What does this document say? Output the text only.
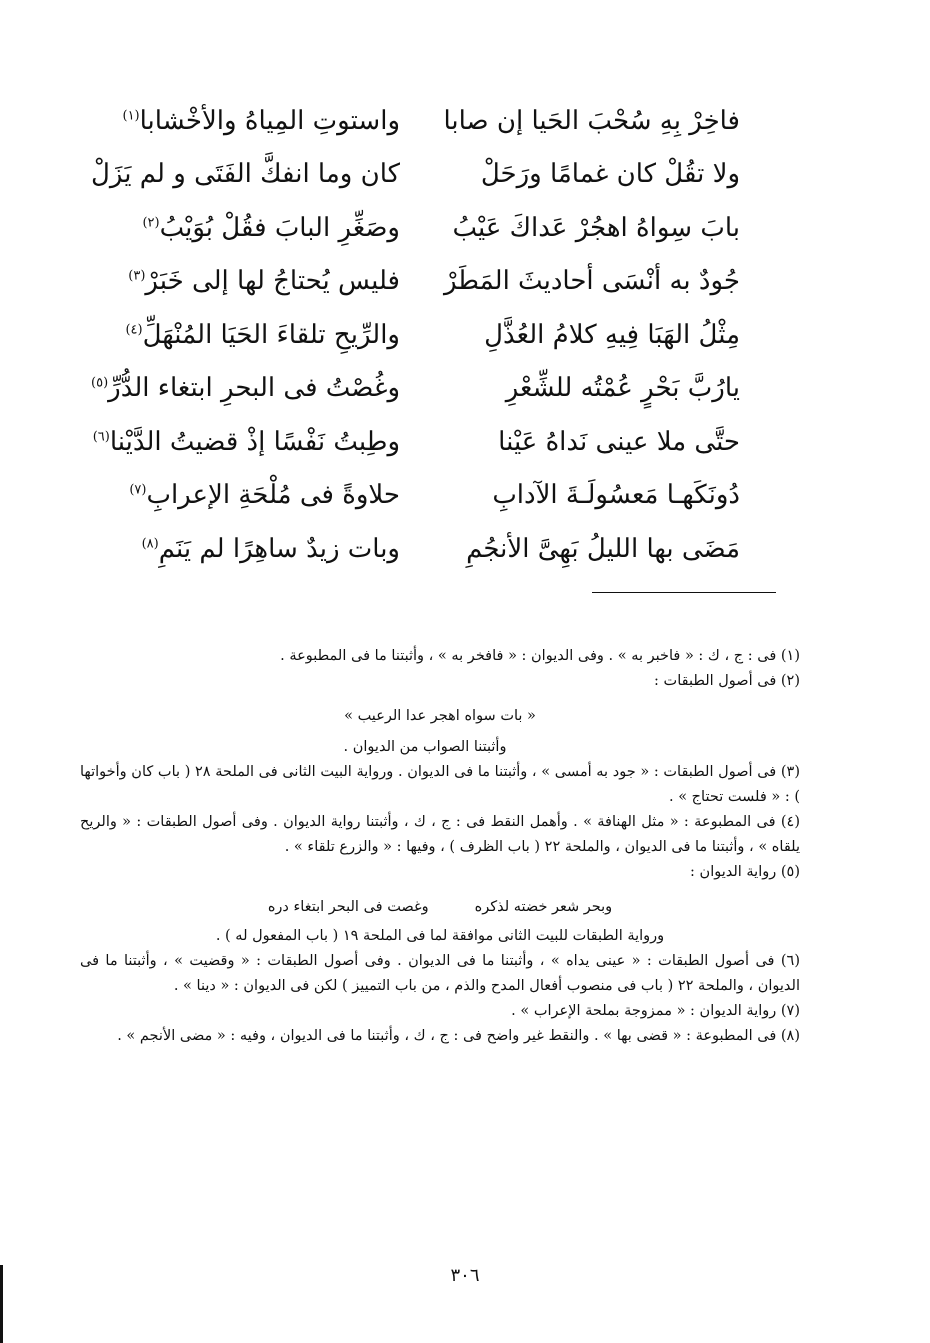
فاخِرْ بِهِ سُحْبَ الحَيا إن صابا
واستوتِ المِياهُ والأخْشابا$^{(١)}$
ولا تقُلْ كان غمامًا ورَحَلْ
كان وما انفكَّ الفَتَى و لم يَزَلْ
بابَ سِواهُ اهجُرْ عَداكَ عَيْبُ
وصَغِّرِ البابَ فقُلْ بُوَيْبُ$^{(٢)}$
جُودٌ به أنْسَى أحاديثَ المَطَرْ
فليس يُحتاجُ لها إلى خَبَرْ$^{(٣)}$
مِثْلُ الهَبَا فِيهِ كلامُ العُذَّلِ
والرِّيحِ تلقاءَ الحَيَا المُنْهَلِّ$^{(٤)}$
يارُبَّ بَحْرٍ عُمْتُه للشِّعْرِ
وغُصْتُ فى البحرِ ابتغاء الدُّرِّ$^{(٥)}$
حتَّى ملا عينى نَداهُ عَيْنا
وطِبتُ نَفْسًا إذْ قضيتُ الدَّيْنا$^{(٦)}$
دُونَكَهـا مَعسُولَـةَ الآدابِ
حلاوةً فى مُلْحَةِ الإعرابِ$^{(٧)}$
مَضَى بها الليلُ بَهِىَّ الأنجُمِ
وبات زيدٌ ساهِرًا لم يَنَمِ$^{(٨)}$

(١) فى : ج ، ك : « فاخبر به » . وفى الديوان : « فافخر به » ، وأثبتنا ما فى المطبوعة .

(٢) فى أصول الطبقات :

« بات سواه اهجر عدا الرعيب »

وأثبتنا الصواب من الديوان .

(٣) فى أصول الطبقات : « جود به أمسى » ، وأثبتنا ما فى الديوان . ورواية البيت الثانى فى الملحة ٢٨ ( باب كان وأخواتها ) : « فلست تحتاج » .

(٤) فى المطبوعة : « مثل الهنافة » . وأهمل النقط فى : ج ، ك ، وأثبتنا رواية الديوان . وفى أصول الطبقات : « والريح يلقاه » ، وأثبتنا ما فى الديوان ، والملحة ٢٢ ( باب الظرف ) ، وفيها : « والزرع تلقاء » .

(٥) رواية الديوان :

وبحر شعر خضته لذكره
وغصت فى البحر ابتغاء دره

ورواية الطبقات للبيت الثانى موافقة لما فى الملحة ١٩ ( باب المفعول له ) .

(٦) فى أصول الطبقات : « عينى يداه » ، وأثبتنا ما فى الديوان . وفى أصول الطبقات : « وقضيت » ، وأثبتنا ما فى الديوان ، والملحة ٢٢ ( باب فى منصوب أفعال المدح والذم ، من باب التمييز ) لكن فى الديوان : « دينا » .

(٧) رواية الديوان : « ممزوجة بملحة الإعراب » .

(٨) فى المطبوعة : « قضى بها » . والنقط غير واضح فى : ج ، ك ، وأثبتنا ما فى الديوان ، وفيه : « مضى الأنجم » .

٣٠٦
